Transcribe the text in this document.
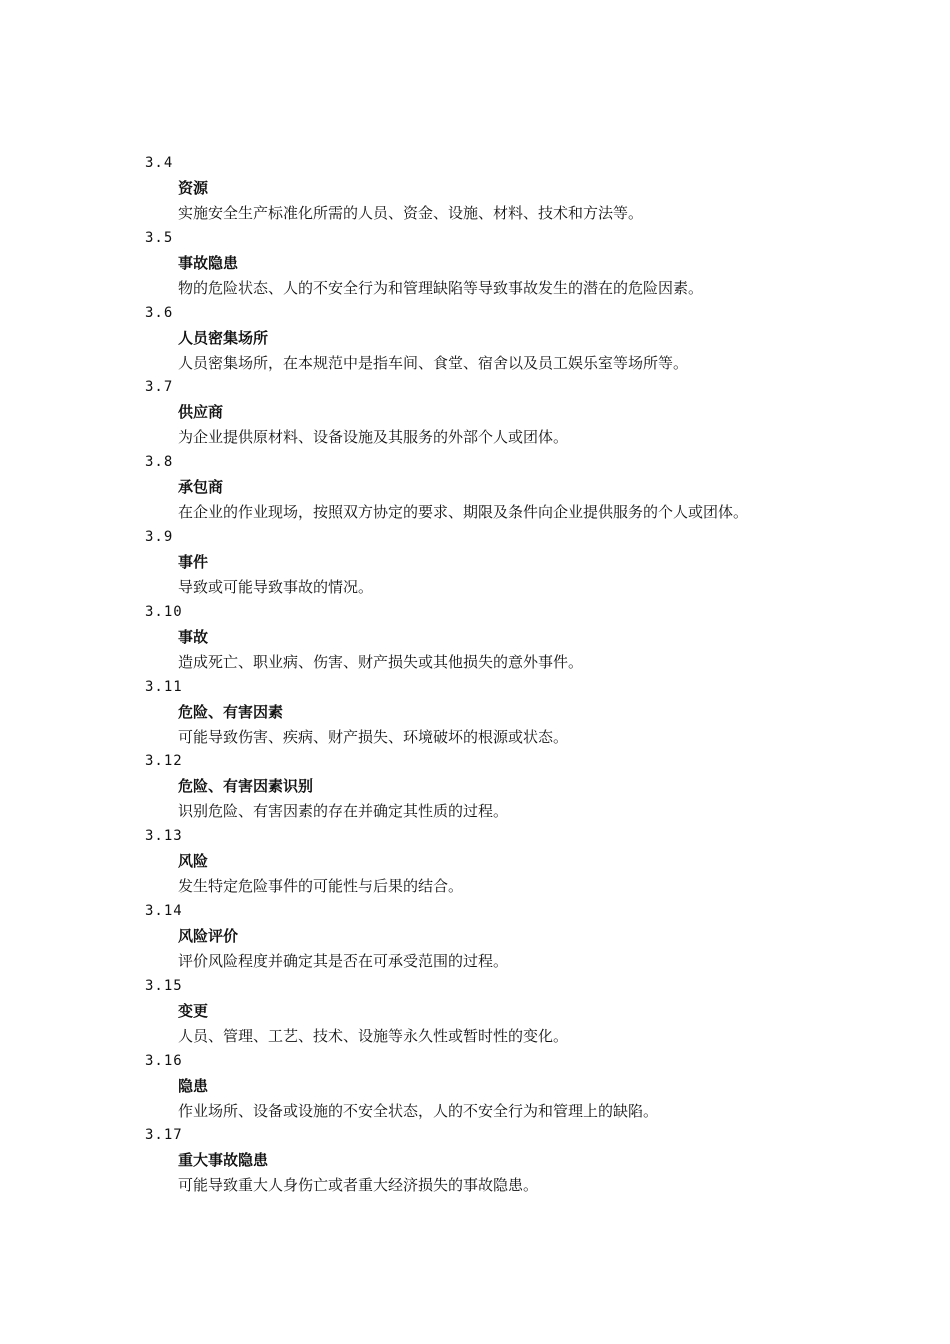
3.4
资源
实施安全生产标准化所需的人员、资金、设施、材料、技术和方法等。
3.5
事故隐患
物的危险状态、人的不安全行为和管理缺陷等导致事故发生的潜在的危险因素。
3.6
人员密集场所
人员密集场所，在本规范中是指车间、食堂、宿舍以及员工娱乐室等场所等。
3.7
供应商
为企业提供原材料、设备设施及其服务的外部个人或团体。
3.8
承包商
在企业的作业现场，按照双方协定的要求、期限及条件向企业提供服务的个人或团体。
3.9
事件
导致或可能导致事故的情况。
3.10
事故
造成死亡、职业病、伤害、财产损失或其他损失的意外事件。
3.11
危险、有害因素
可能导致伤害、疾病、财产损失、环境破坏的根源或状态。
3.12
危险、有害因素识别
识别危险、有害因素的存在并确定其性质的过程。
3.13
风险
发生特定危险事件的可能性与后果的结合。
3.14
风险评价
评价风险程度并确定其是否在可承受范围的过程。
3.15
变更
人员、管理、工艺、技术、设施等永久性或暂时性的变化。
3.16
隐患
作业场所、设备或设施的不安全状态，人的不安全行为和管理上的缺陷。
3.17
重大事故隐患
可能导致重大人身伤亡或者重大经济损失的事故隐患。
